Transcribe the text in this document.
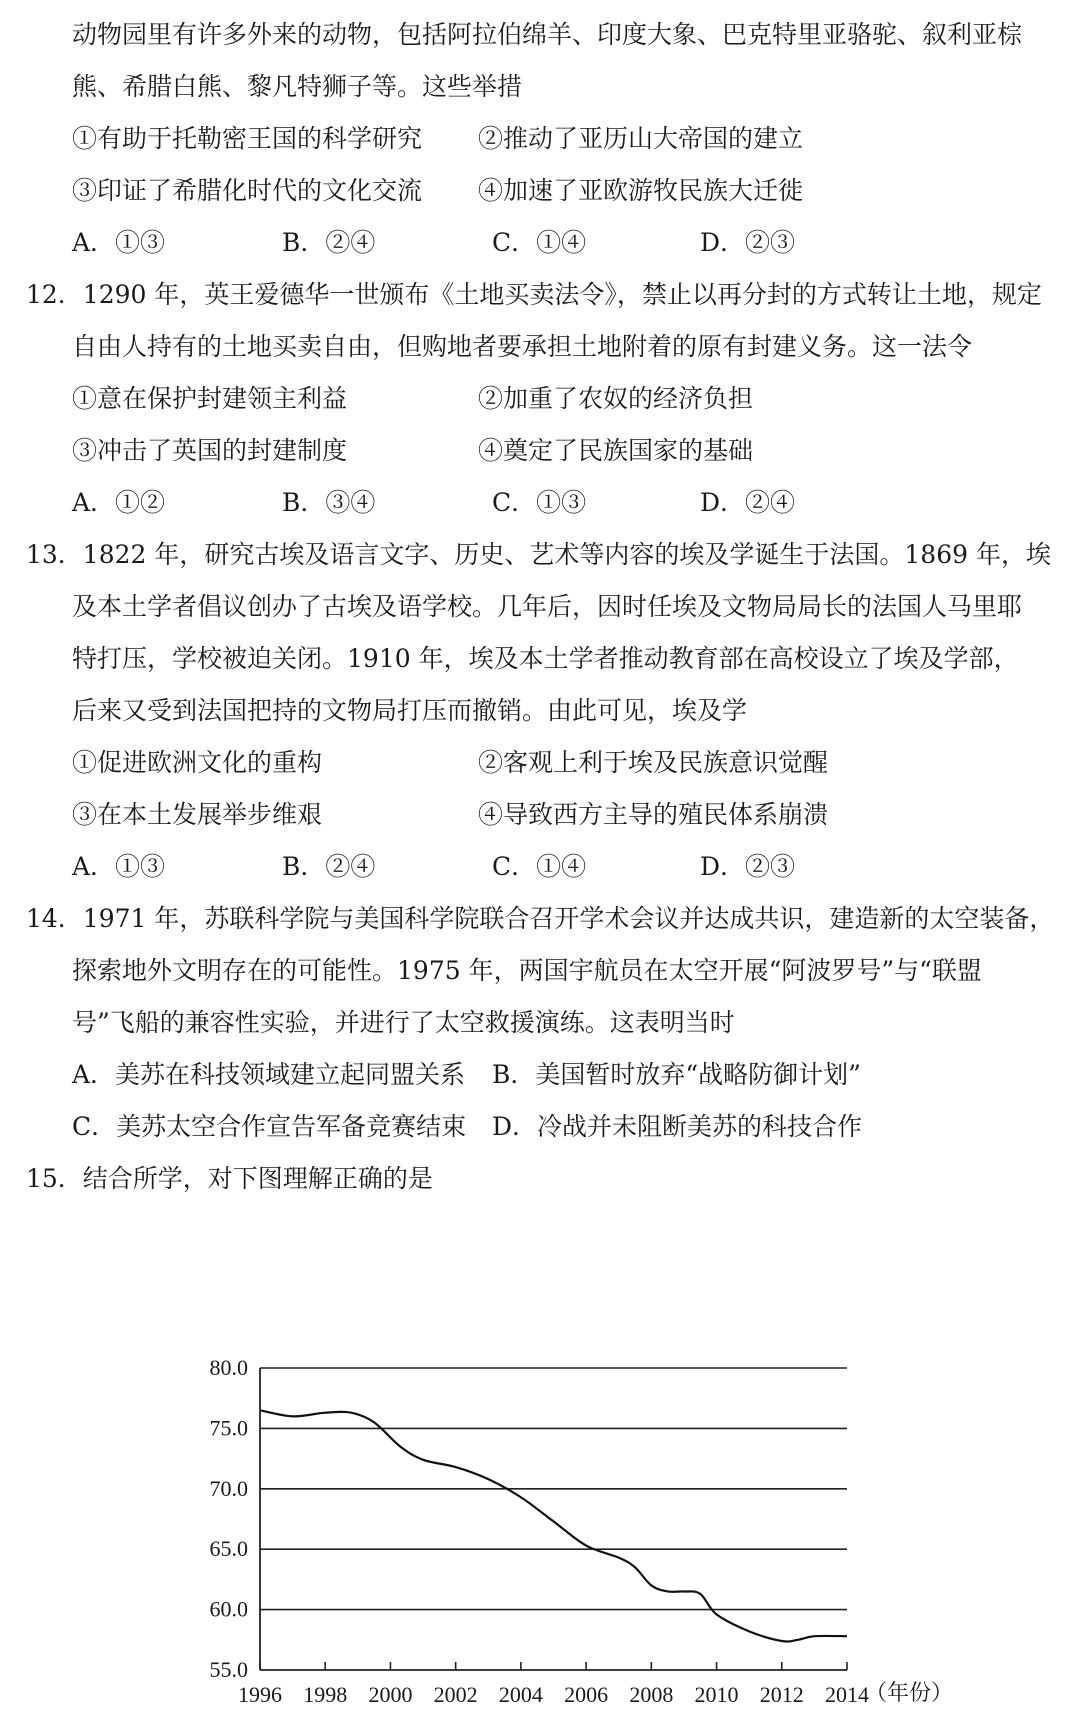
动物园里有许多外来的动物，包括阿拉伯绵羊、印度大象、巴克特里亚骆驼、叙利亚棕
熊、希腊白熊、黎凡特狮子等。这些举措
①有助于托勒密王国的科学研究 ②推动了亚历山大帝国的建立
③印证了希腊化时代的文化交流 ④加速了亚欧游牧民族大迁徙
A．①③	B．②④	C．①④	D．②③
12．1290 年，英王爱德华一世颁布《土地买卖法令》，禁止以再分封的方式转让土地，规定
自由人持有的土地买卖自由，但购地者要承担土地附着的原有封建义务。这一法令
①意在保护封建领主利益	②加重了农奴的经济负担
③冲击了英国的封建制度	④奠定了民族国家的基础
A．①②	B．③④	C．①③	D．②④
13．1822 年，研究古埃及语言文字、历史、艺术等内容的埃及学诞生于法国。1869 年，埃
及本土学者倡议创办了古埃及语学校。几年后，因时任埃及文物局局长的法国人马里耶
特打压，学校被迫关闭。1910 年，埃及本土学者推动教育部在高校设立了埃及学部，
后来又受到法国把持的文物局打压而撤销。由此可见，埃及学
①促进欧洲文化的重构	②客观上利于埃及民族意识觉醒
③在本土发展举步维艰	④导致西方主导的殖民体系崩溃
A．①③	B．②④	C．①④	D．②③
14．1971 年，苏联科学院与美国科学院联合召开学术会议并达成共识，建造新的太空装备，
探索地外文明存在的可能性。1975 年，两国宇航员在太空开展“阿波罗号”与“联盟
号”飞船的兼容性实验，并进行了太空救援演练。这表明当时
A．美苏在科技领域建立起同盟关系 B．美国暂时放弃“战略防御计划”
C．美苏太空合作宣告军备竞赛结束 D．冷战并未阻断美苏的科技合作
15．结合所学，对下图理解正确的是
55.0
60.0
65.0
70.0
75.0
80.0
1996 1998 2000 2002 2004 2006 2008 2010 2012 2014
（年份）
